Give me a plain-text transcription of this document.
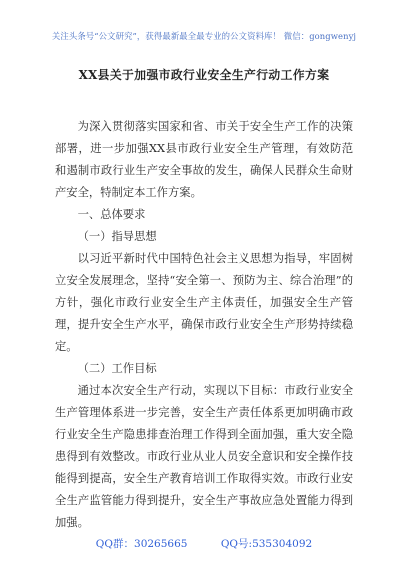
关注头条号“公文研究”，获得最新最全最专业的公文资料库！ 微信：gongwenyj
XX县关于加强市政行业安全生产行动工作方案

为深入贯彻落实国家和省、市关于安全生产工作的决策部署，进一步加强XX县市政行业安全生产管理，有效防范和遏制市政行业生产安全事故的发生，确保人民群众生命财产安全，特制定本工作方案。

一、总体要求

（一）指导思想

以习近平新时代中国特色社会主义思想为指导，牢固树立安全发展理念，坚持“安全第一、预防为主、综合治理”的方针，强化市政行业安全生产主体责任，加强安全生产管理，提升安全生产水平，确保市政行业安全生产形势持续稳定。

（二）工作目标

通过本次安全生产行动，实现以下目标：市政行业安全生产管理体系进一步完善，安全生产责任体系更加明确市政行业安全生产隐患排查治理工作得到全面加强，重大安全隐患得到有效整改。市政行业从业人员安全意识和安全操作技能得到提高，安全生产教育培训工作取得实效。市政行业安全生产监管能力得到提升，安全生产事故应急处置能力得到加强。

QQ群：30265665	QQ号:535304092
